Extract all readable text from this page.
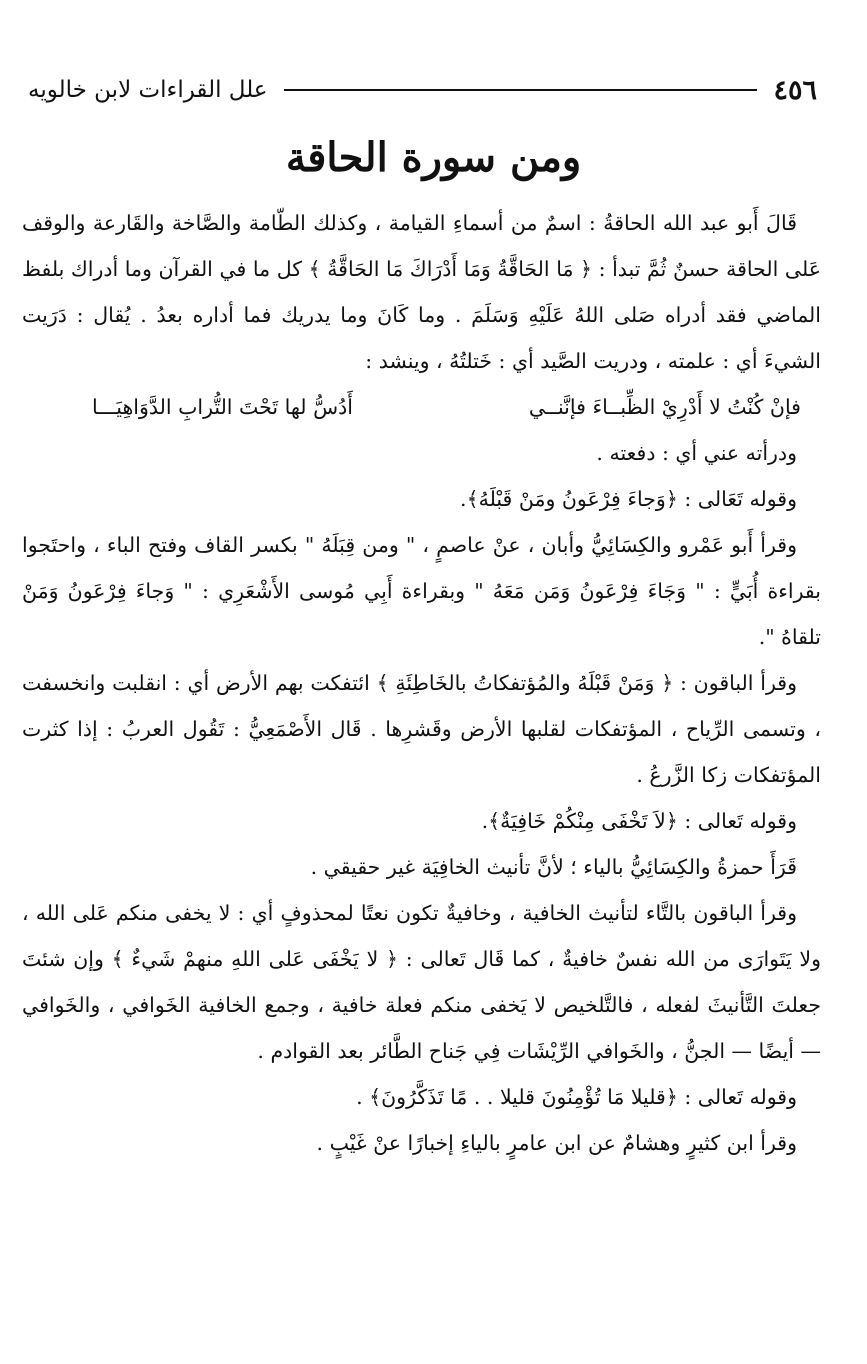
٤٥٦
علل القراءات لابن خالويه
ومن سورة الحاقة

قَالَ أَبو عبد الله الحاقةُ : اسمٌ من أسماءِ القيامة ، وكذلك الطّامة والصَّاخة والقَارعة والوقف عَلى الحاقة حسنٌ ثُمَّ تبدأ : ﴿ مَا الحَاقَّةُ وَمَا أَدْرَاكَ مَا الحَاقَّةُ ﴾ كل ما في القرآن وما أدراك بلفظ الماضي فقد أدراه صَلى اللهُ عَلَيْهِ وَسَلَمَ . وما كَانَ وما يدريك فما أداره بعدُ . يُقال : دَرَيت الشيءَ أي : علمته ، ودريت الصَّيد أي : خَتلتُهُ ، وينشد :

فإنْ كُنْتُ لا أَدْرِيْ الظِّبــاءَ فإنَّنــي
أَدُسُّ لها تَحْتَ التُّرابِ الدَّوَاهِيَـــا

ودرأته عني أي : دفعته .

وقوله تَعَالى : ﴿وَجاءَ فِرْعَونُ ومَنْ قَبْلَهُ﴾.

وقرأ أَبو عَمْرو والكِسَائِيُّ وأبان ، عنْ عاصمٍ ، " ومن قِبَلَهُ " بكسر القاف وفتح الباء ، واحتَجوا بقراءة أُبَيٍّ : " وَجَاءَ فِرْعَونُ وَمَن مَعَهُ " وبقراءة أَبِي مُوسى الأَشْعَرِي : " وَجاءَ فِرْعَونُ وَمَنْ تلقاهُ ".

وقرأ الباقون : ﴿ وَمَنْ قَبْلَهُ والمُؤتفكاتُ بالخَاطِئَةِ ﴾ ائتفكت بهم الأرض أي : انقلبت وانخسفت ، وتسمى الرِّياح ، المؤتفكات لقلبها الأرض وقَشرِها . قَال الأَصْمَعِيُّ : تَقُول العربُ : إذا كثرت المؤتفكات زكا الزَّرعُ .

وقوله تَعالى : ﴿لاَ تَخْفَى مِنْكُمْ خَافِيَةٌ﴾.

قَرَأَ حمزةُ والكِسَائِيُّ بالياء ؛ لأنَّ تأنيث الخافِيَة غير حقيقي .

وقرأ الباقون بالتَّاء لتأنيث الخافية ، وخافيةٌ تكون نعتًا لمحذوفٍ أي : لا يخفى منكم عَلى الله ، ولا يَتَوارَى من الله نفسٌ خافيةٌ ، كما قَال تَعالى : ﴿ لا يَخْفَى عَلى اللهِ منهمْ شَيءٌ ﴾ وإن شئتَ جعلتَ التَّأنيثَ لفعله ، فالتَّلخيص لا يَخفى منكم فعلة خافية ، وجمع الخافية الخَوافي ، والخَوافي — أيضًا — الجنُّ ، والخَوافي الرِّيْشَات فِي جَناح الطَّائر بعد القوادم .

وقوله تَعالى : ﴿قليلا مَا تُؤْمِنُونَ قليلا . . مًا تَذَكَّرُونَ﴾ .

وقرأ ابن كثيرٍ وهشامٌ عن ابن عامرٍ بالياءِ إخبارًا عنْ غَيْبٍ .
